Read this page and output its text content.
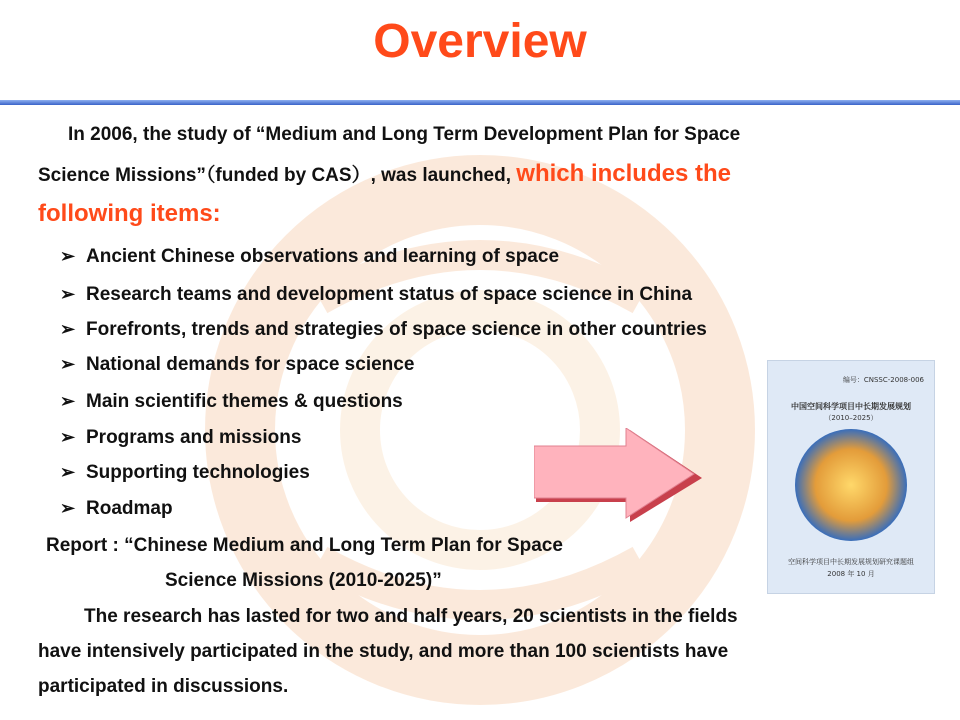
Overview
In 2006, the study of “Medium and Long Term Development Plan for Space
Science Missions”（funded by CAS）, was launched, which includes the
following items:
➢ Ancient Chinese observations and learning of space
➢ Research teams and development status of space science in China
➢ Forefronts, trends and strategies of space science in other countries
➢ National demands for space science
➢ Main scientific themes & questions
➢ Programs and missions
➢ Supporting technologies
➢ Roadmap
Report : “Chinese Medium and Long Term Plan for Space
Science Missions (2010-2025)”
The research has lasted for two and half years, 20 scientists in the fields
have intensively participated in the study, and more than 100 scientists have
participated in discussions.
编号：CNSSC-2008-006
中国空间科学项目中长期发展规划
（2010–2025）
空间科学项目中长期发展规划研究课题组
2008 年 10 月
